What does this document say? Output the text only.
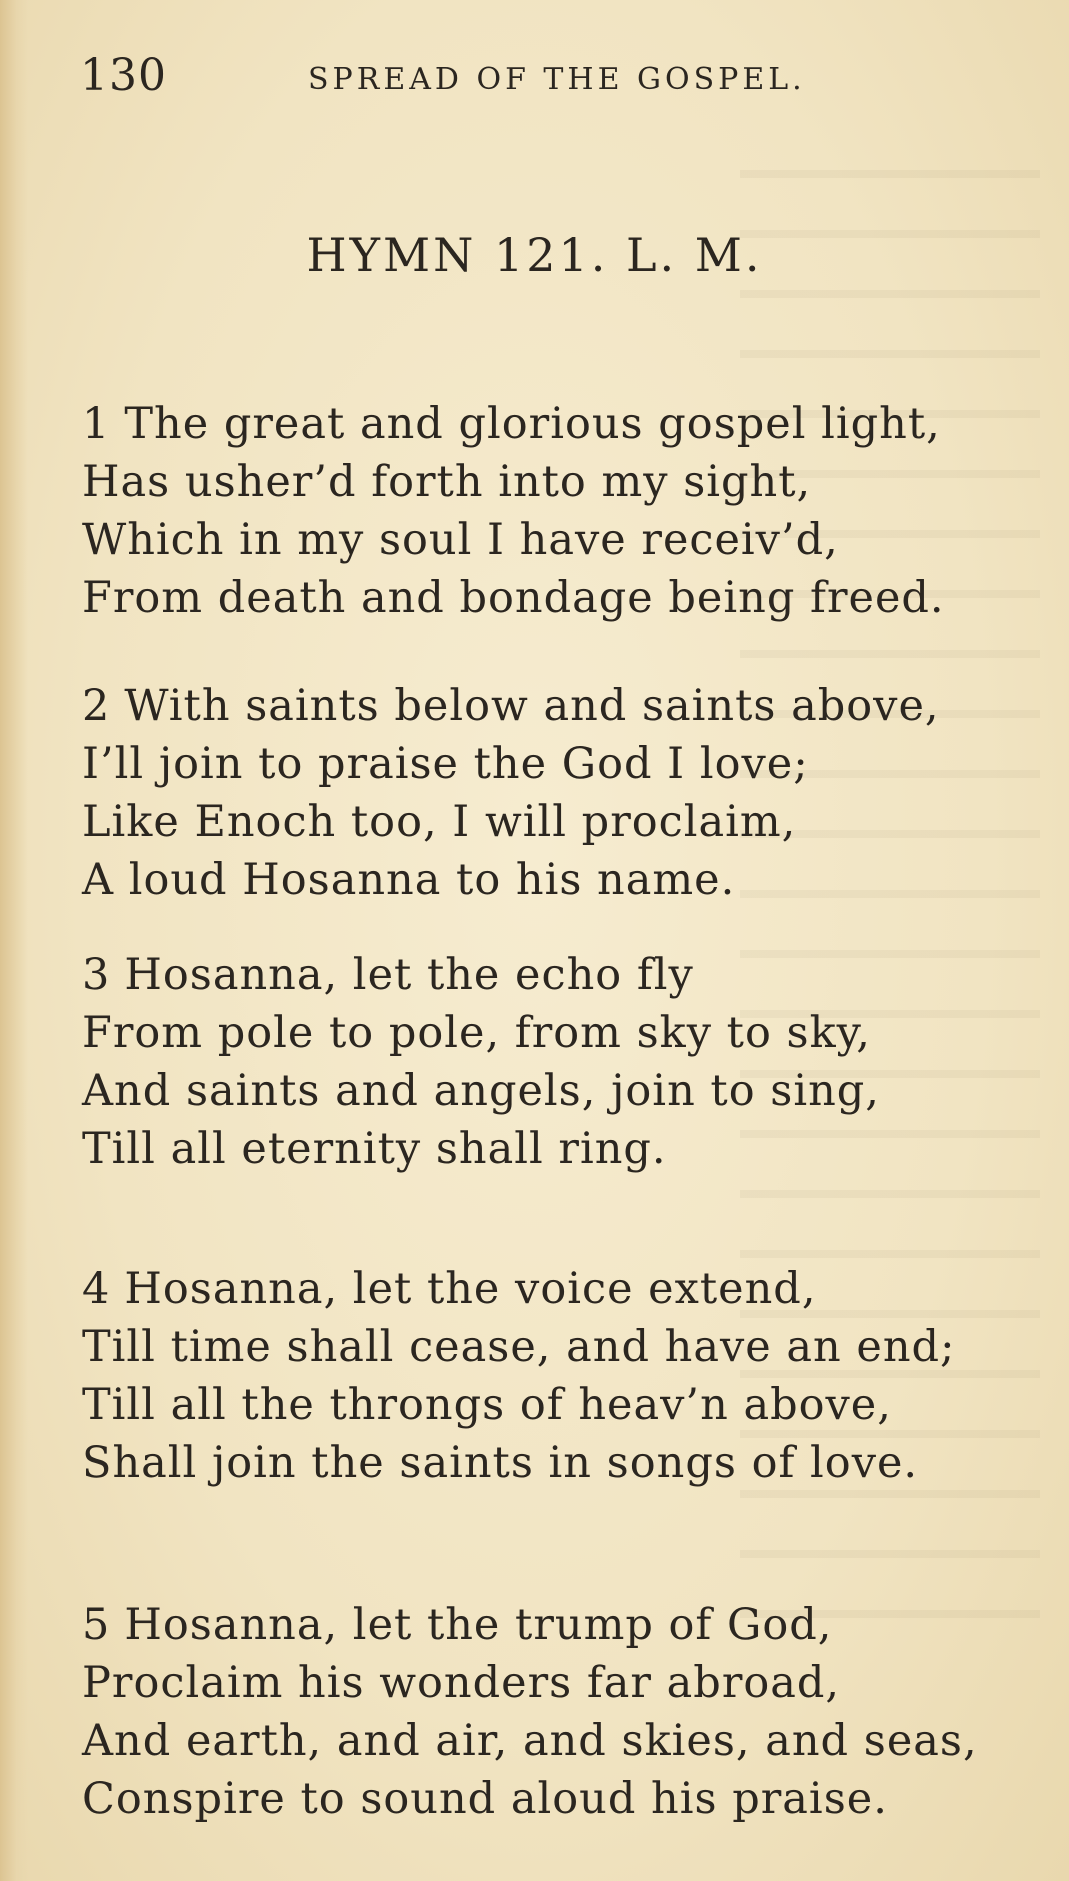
130	SPREAD OF THE GOSPEL.
HYMN 121. L. M.
1 The great and glorious gospel light,
Has usher’d forth into my sight,
Which in my soul I have receiv’d,
From death and bondage being freed.
2 With saints below and saints above,
I’ll join to praise the God I love;
Like Enoch too, I will proclaim,
A loud Hosanna to his name.
3 Hosanna, let the echo fly
From pole to pole, from sky to sky,
And saints and angels, join to sing,
Till all eternity shall ring.
4 Hosanna, let the voice extend,
Till time shall cease, and have an end;
Till all the throngs of heav’n above,
Shall join the saints in songs of love.
5 Hosanna, let the trump of God,
Proclaim his wonders far abroad,
And earth, and air, and skies, and seas,
Conspire to sound aloud his praise.
